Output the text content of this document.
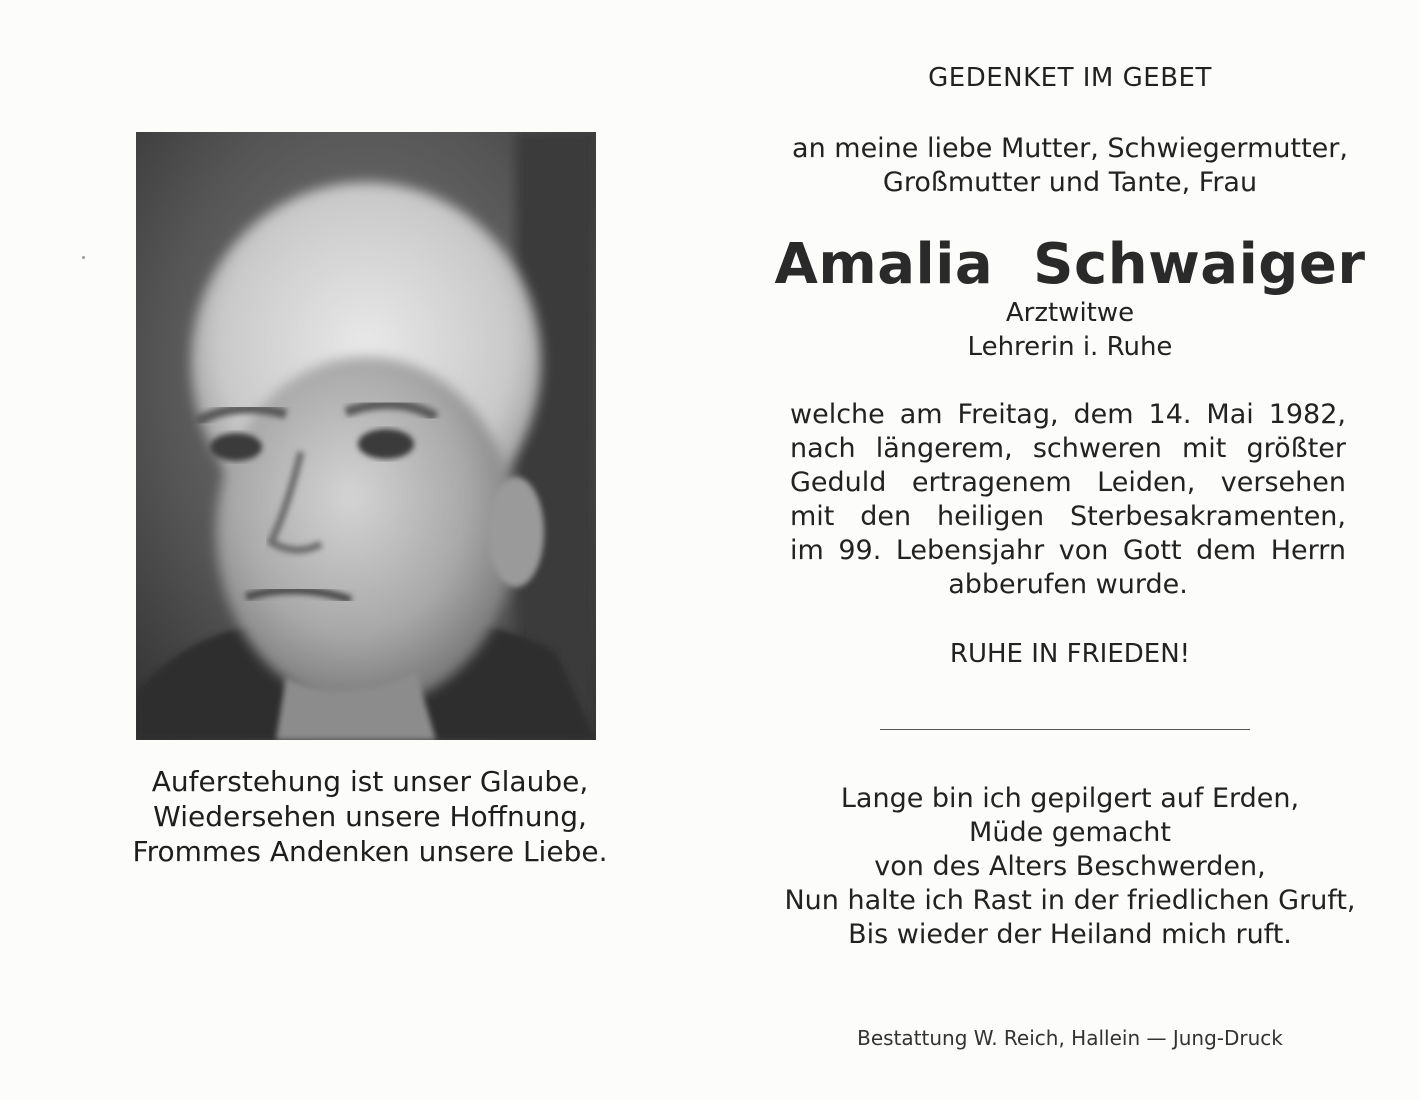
Auferstehung ist unser Glaube,
Wiedersehen unsere Hoffnung,
Frommes Andenken unsere Liebe.
GEDENKET IM GEBET
an meine liebe Mutter, Schwiegermutter,
Großmutter und Tante, Frau
Amalia  Schwaiger
Arztwitwe
Lehrerin i. Ruhe
welche am Freitag, dem 14. Mai 1982,
nach längerem, schweren mit größter
Geduld ertragenem Leiden, versehen
mit den heiligen Sterbesakramenten,
im 99. Lebensjahr von Gott dem Herrn
abberufen wurde.
RUHE IN FRIEDEN!
Lange bin ich gepilgert auf Erden,
Müde gemacht
von des Alters Beschwerden,
Nun halte ich Rast in der friedlichen Gruft,
Bis wieder der Heiland mich ruft.
Bestattung W. Reich, Hallein — Jung-Druck
